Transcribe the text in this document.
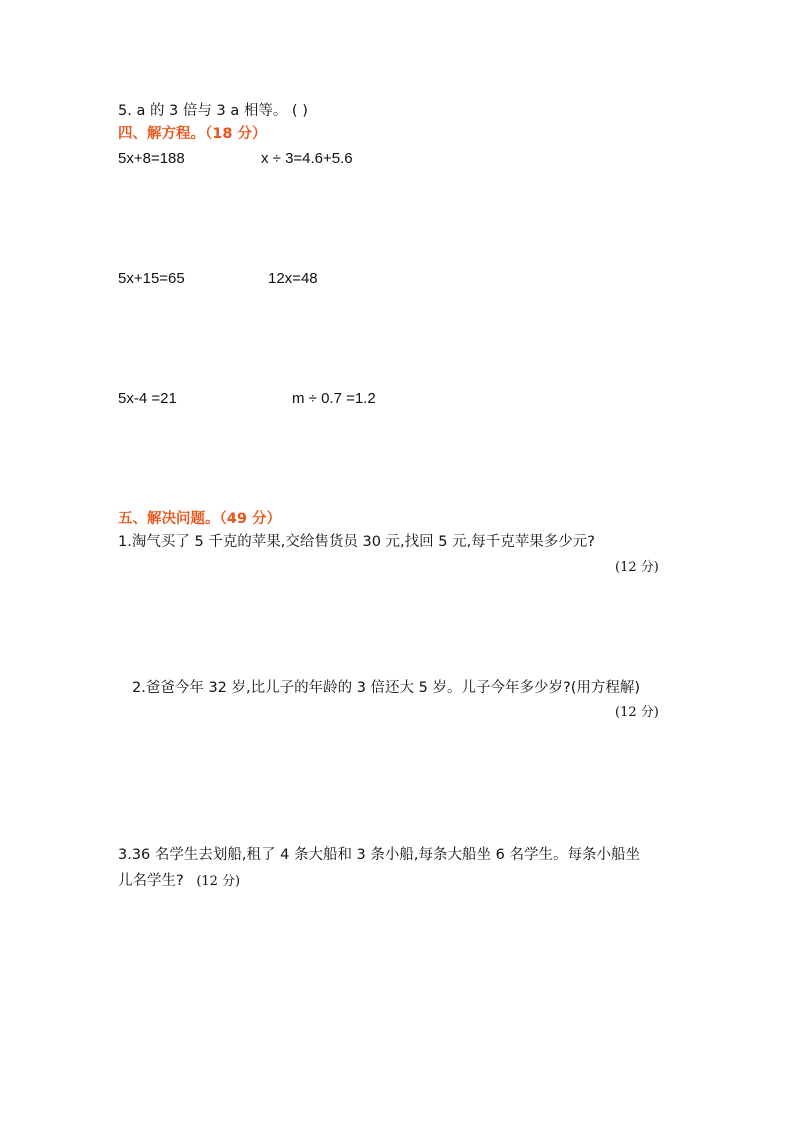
5. a 的 3 倍与 3 a 相等。 ( )
四、解方程。（18 分）
5x+8=188	x ÷ 3=4.6+5.6
5x+15=65	12x=48
5x-4 =21	m ÷ 0.7 =1.2
五、解决问题。（49 分）
1.淘气买了 5 千克的苹果,交给售货员 30 元,找回 5 元,每千克苹果多少元?
(12 分)
2.爸爸今年 32 岁,比儿子的年龄的 3 倍还大 5 岁。儿子今年多少岁?(用方程解)
(12 分)
3.36 名学生去划船,租了 4 条大船和 3 条小船,每条大船坐 6 名学生。每条小船坐
儿名学生? (12 分)
